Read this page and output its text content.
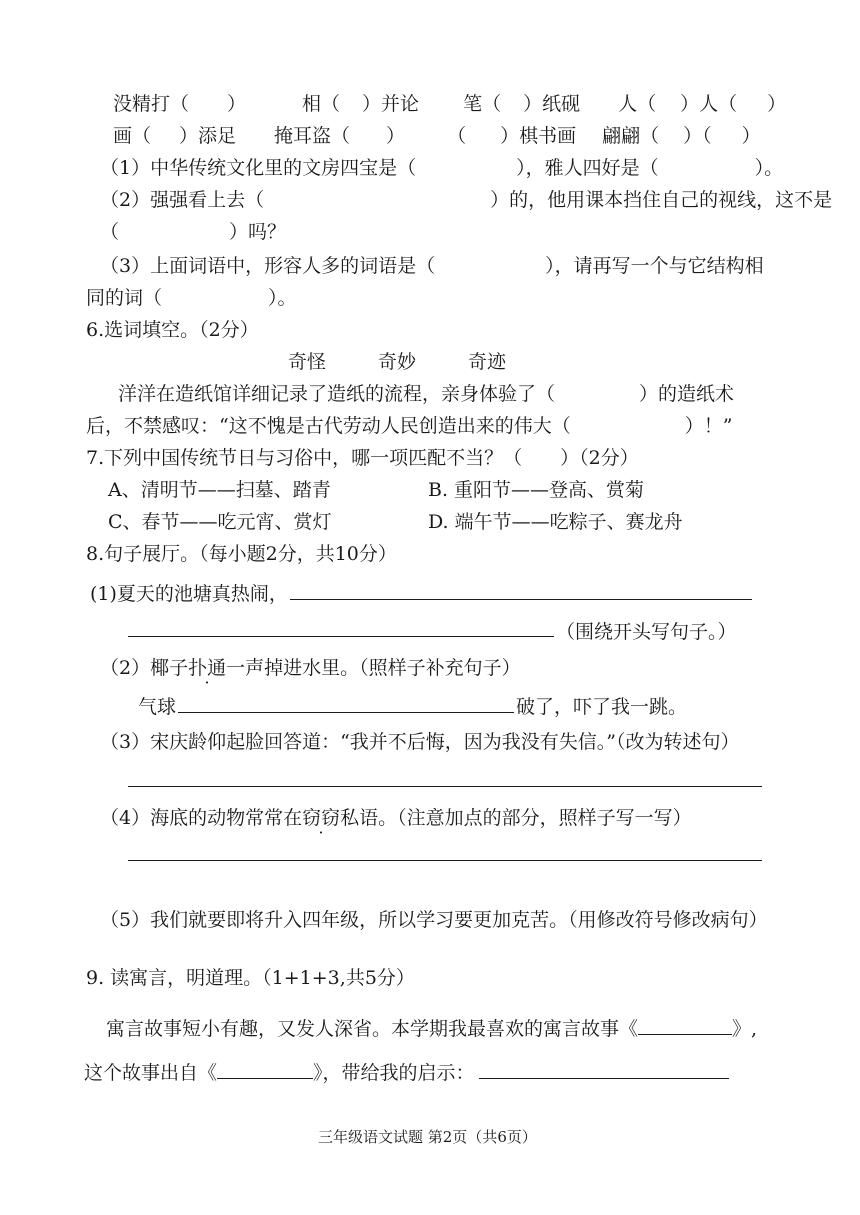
没精打（ ）	相（ ）并论 笔（ ）纸砚 人（ ）人（ ）
画（ ）添足 掩耳盗（ ） （ ）棋书画 翩翩（ ）（ ）
（1）中华传统文化里的文房四宝是（	），雅人四好是（	）。
（2）强强看上去（	）的，他用课本挡住自己的视线，这不是
（	）吗？
（3）上面词语中，形容人多的词语是（	），请再写一个与它结构相
同的词（	）。
6.选词填空。（2分）
奇怪	奇妙	奇迹
洋洋在造纸馆详细记录了造纸的流程，亲身体验了（	）的造纸术
后，不禁感叹：“这不愧是古代劳动人民创造出来的伟大（	）！”
7.下列中国传统节日与习俗中，哪一项匹配不当？（　　）（2分）
A、清明节——扫墓、踏青	B. 重阳节——登高、赏菊
C、春节——吃元宵、赏灯	D. 端午节——吃粽子、赛龙舟
8.句子展厅。（每小题2分，共10分）
(1)夏天的池塘真热闹，
（围绕开头写句子。）
（2）椰子扑通一声掉进水里。（照样子补充句子）
气球	破了，吓了我一跳。
（3）宋庆龄仰起脸回答道：“我并不后悔，因为我没有失信。”（改为转述句）
（4）海底的动物常常在窃窃私语。（注意加点的部分，照样子写一写）
（5）我们就要即将升入四年级，所以学习要更加克苦。（用修改符号修改病句）
9. 读寓言，明道理。（1+1+3,共5分）
寓言故事短小有趣，又发人深省。本学期我最喜欢的寓言故事《	》,
这个故事出自《	》，带给我的启示：
三年级语文试题 第2页（共6页）
